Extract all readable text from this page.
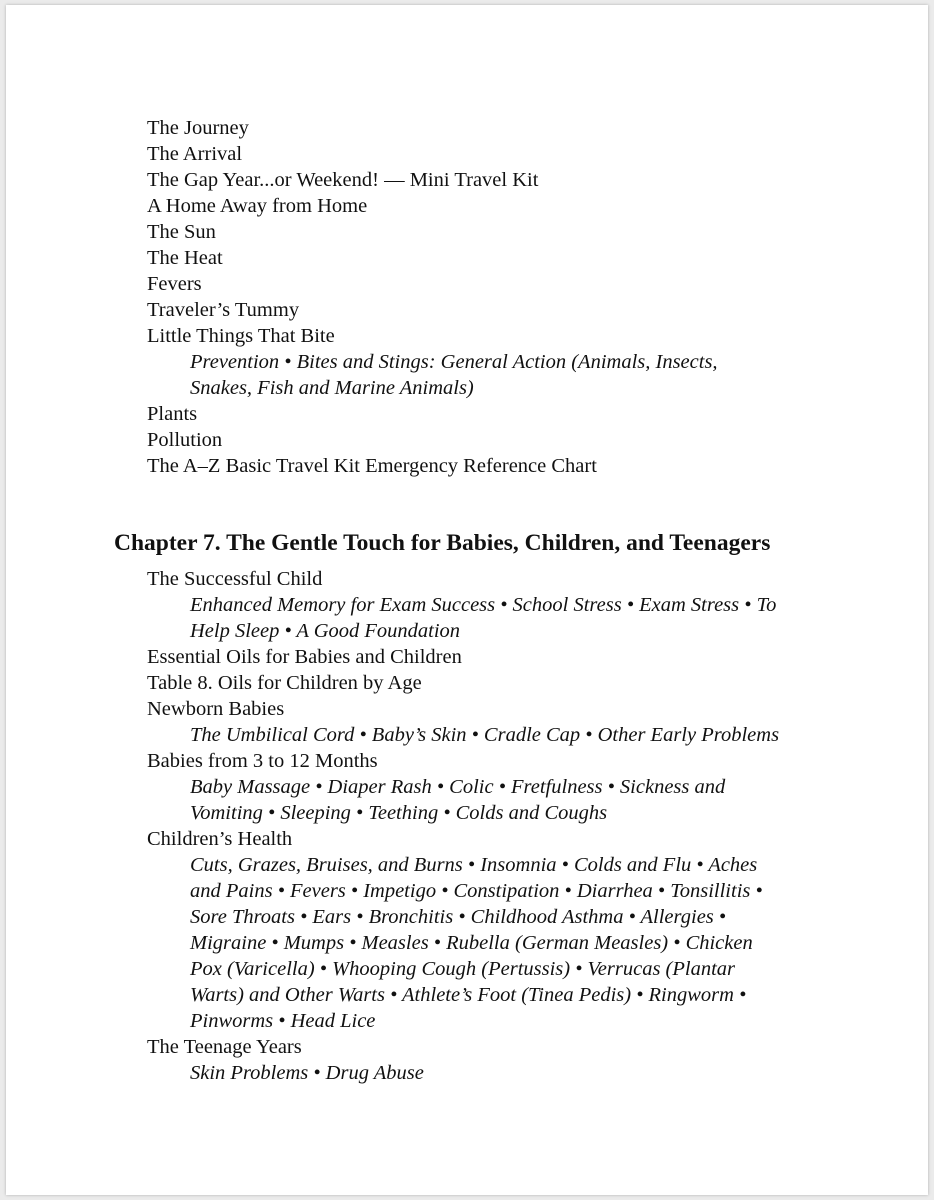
The Journey

The Arrival

The Gap Year...or Weekend! — Mini Travel Kit

A Home Away from Home

The Sun

The Heat

Fevers

Traveler’s Tummy

Little Things That Bite

Prevention • Bites and Stings: General Action (Animals, Insects,

Snakes, Fish and Marine Animals)

Plants

Pollution

The A–Z Basic Travel Kit Emergency Reference Chart

Chapter 7. The Gentle Touch for Babies, Children, and Teenagers

The Successful Child

Enhanced Memory for Exam Success • School Stress • Exam Stress • To

Help Sleep • A Good Foundation

Essential Oils for Babies and Children

Table 8. Oils for Children by Age

Newborn Babies

The Umbilical Cord • Baby’s Skin • Cradle Cap • Other Early Problems

Babies from 3 to 12 Months

Baby Massage • Diaper Rash • Colic • Fretfulness • Sickness and

Vomiting • Sleeping • Teething • Colds and Coughs

Children’s Health

Cuts, Grazes, Bruises, and Burns • Insomnia • Colds and Flu • Aches

and Pains • Fevers • Impetigo • Constipation • Diarrhea • Tonsillitis •

Sore Throats • Ears • Bronchitis • Childhood Asthma • Allergies •

Migraine • Mumps • Measles • Rubella (German Measles) • Chicken

Pox (Varicella) • Whooping Cough (Pertussis) • Verrucas (Plantar

Warts) and Other Warts • Athlete’s Foot (Tinea Pedis) • Ringworm •

Pinworms • Head Lice

The Teenage Years

Skin Problems • Drug Abuse
